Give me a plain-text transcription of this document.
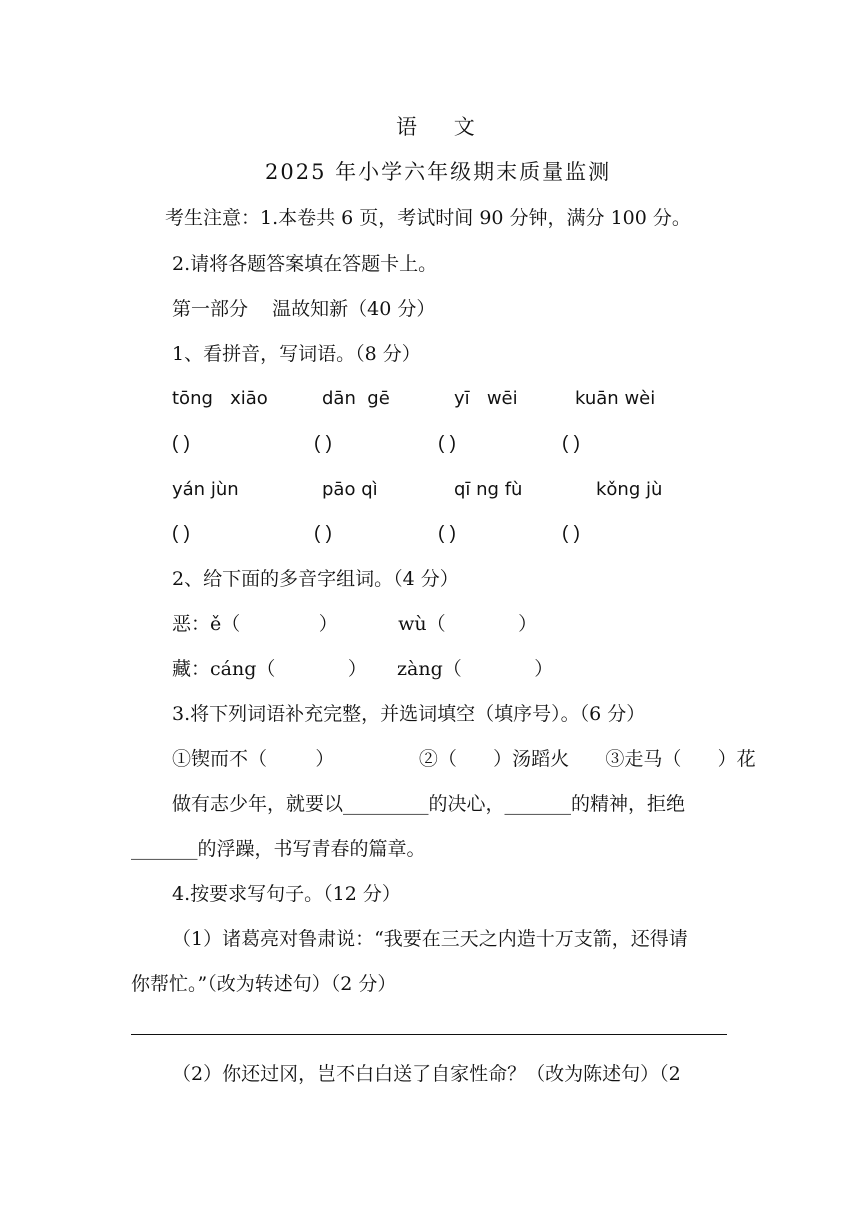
语    文
2025 年小学六年级期末质量监测
考生注意：1.本卷共 6 页，考试时间 90 分钟，满分 100 分。
2.请将各题答案填在答题卡上。
第一部分    温故知新（40 分）
1、看拼音，写词语。（8 分）
tōng   xiāo	dān  gē	yī   wēi	kuān wèi
( )	( )	( )	( )
yán jùn	pāo qì	qī ng fù	kǒng jù
( )	( )	( )	( )
2、给下面的多音字组词。（4 分）
恶：ě（             ）          wù（            ）
藏：cáng（            ）     zàng（            ）
3.将下列词语补充完整，并选词填空（填序号）。（6 分）
①锲而不（        ）              ②（      ）汤蹈火      ③走马（      ）花
做有志少年，就要以_________的决心，_______的精神，拒绝
_______的浮躁，书写青春的篇章。
4.按要求写句子。（12 分）
（1）诸葛亮对鲁肃说：“我要在三天之内造十万支箭，还得请
你帮忙。”（改为转述句）（2 分）
（2）你还过冈，岂不白白送了自家性命？（改为陈述句）（2
